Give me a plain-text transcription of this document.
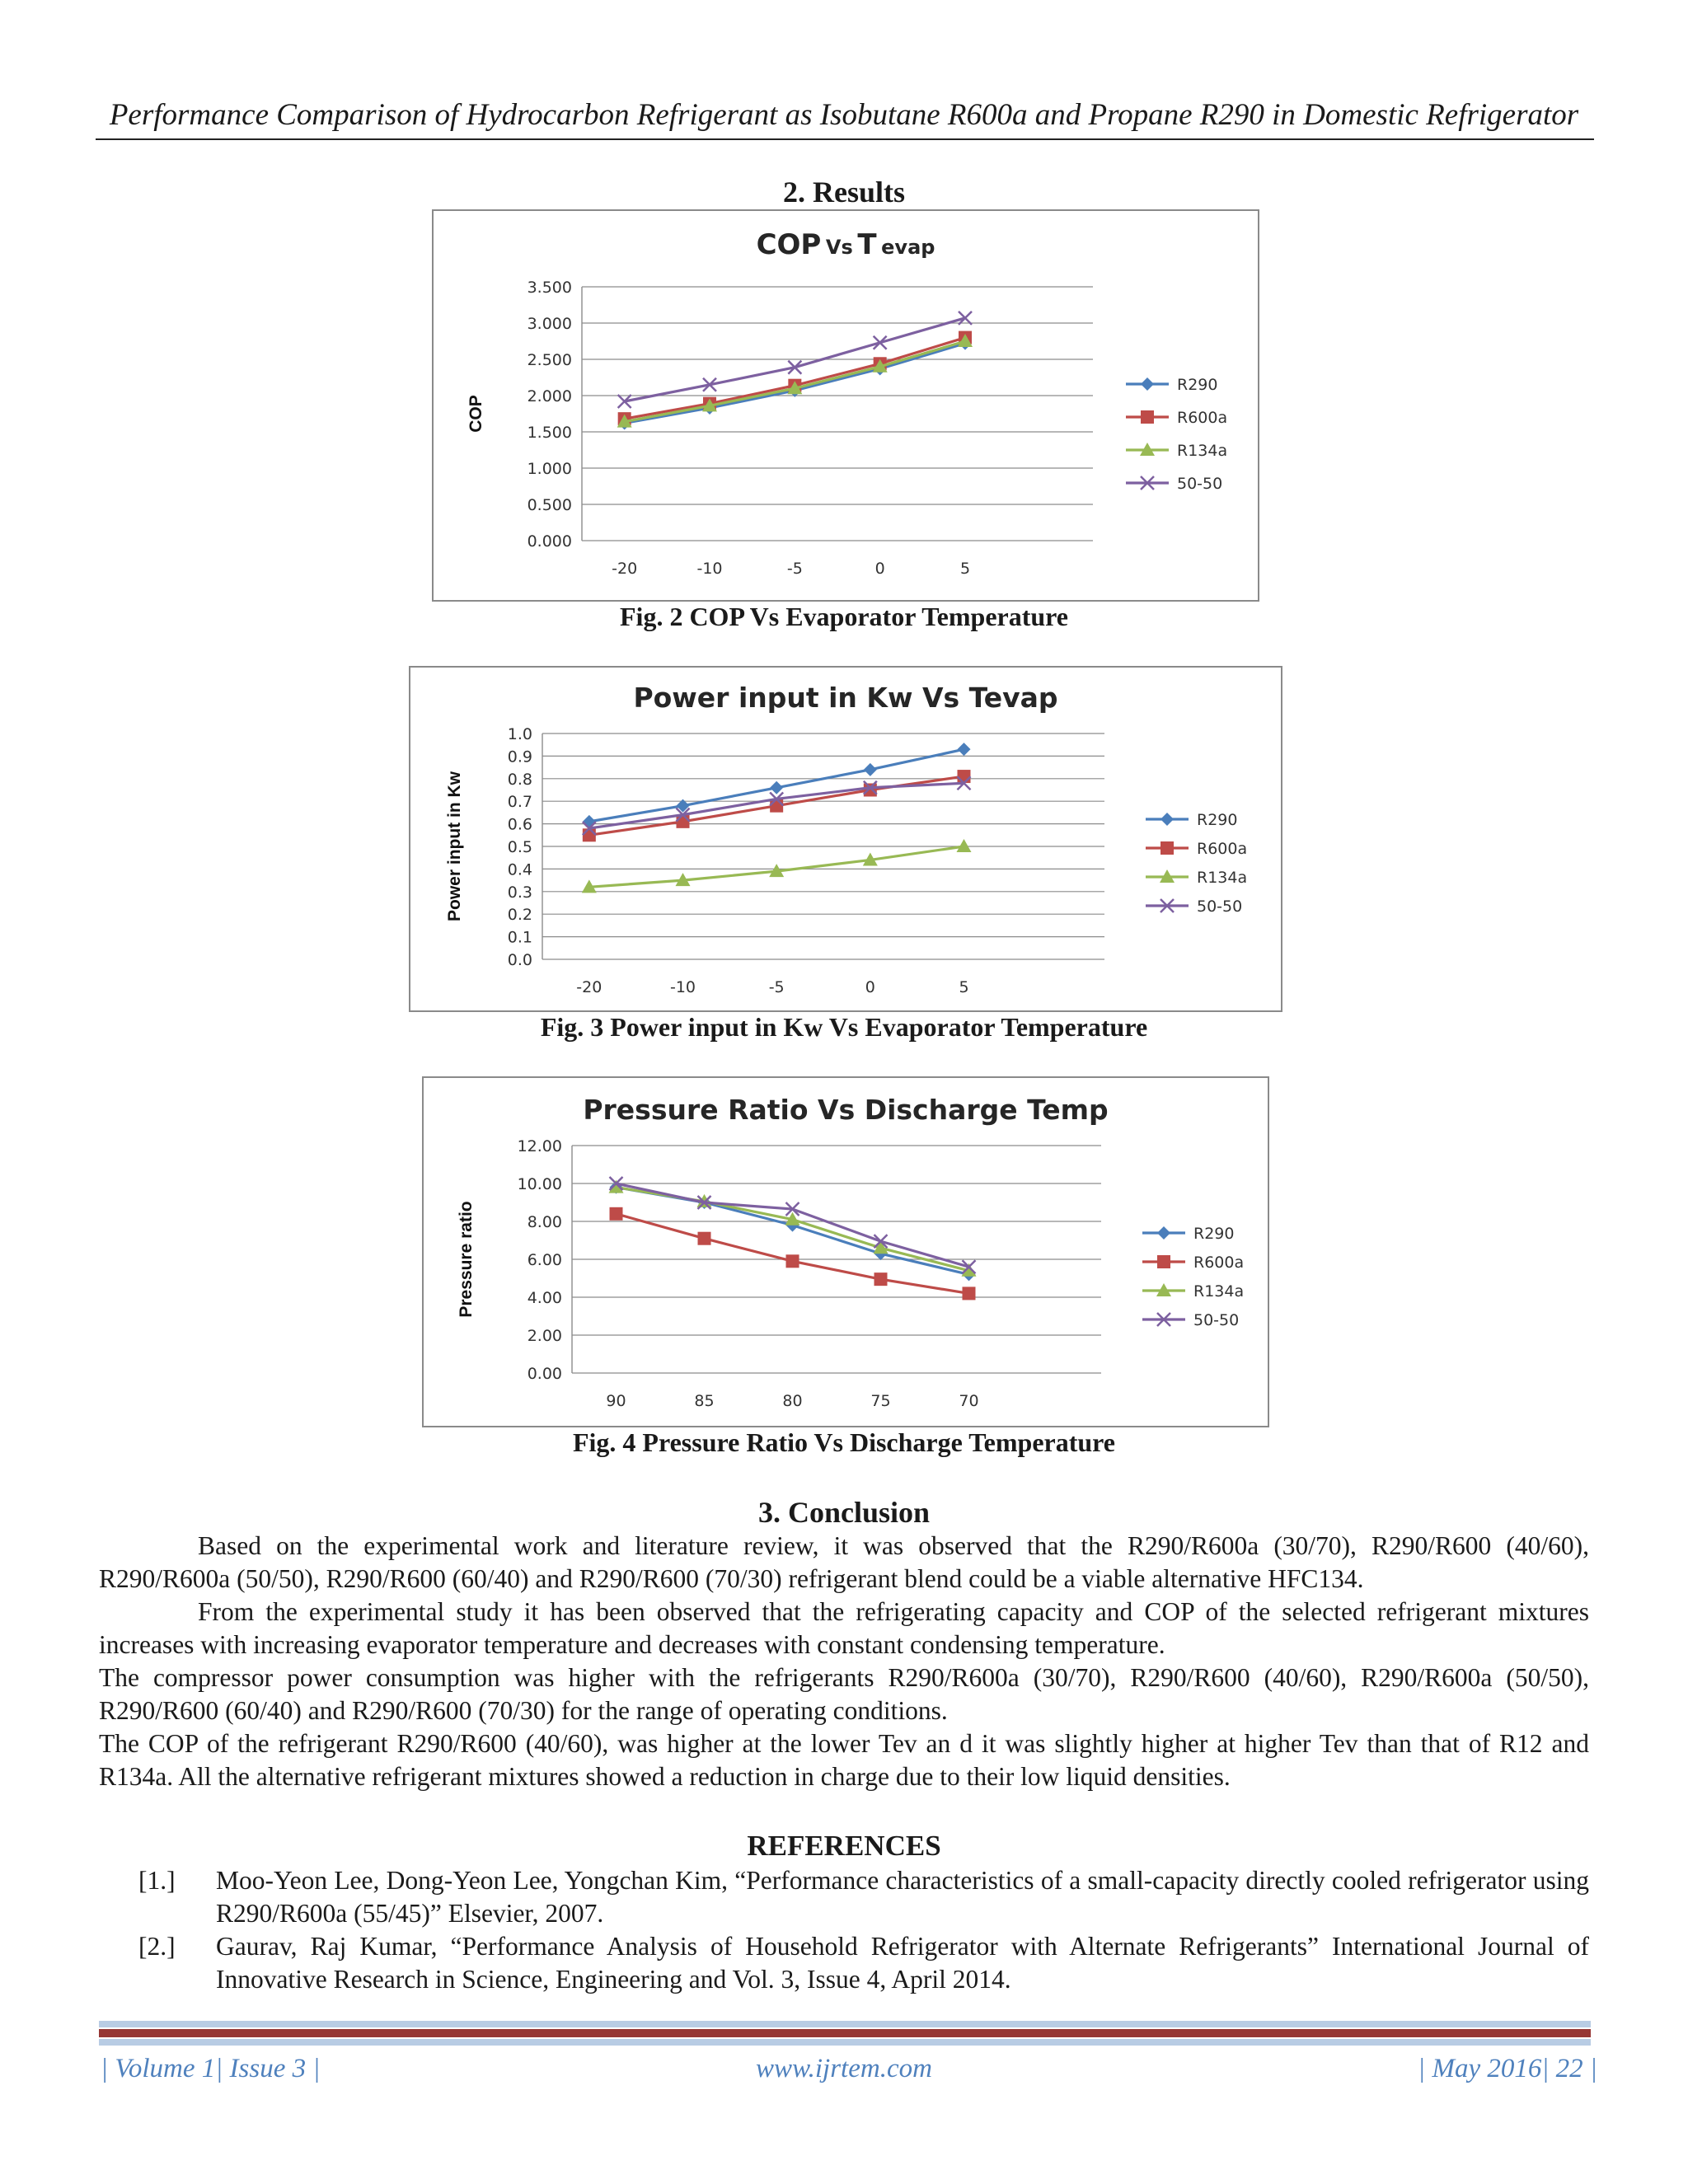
Performance Comparison of Hydrocarbon Refrigerant as Isobutane R600a and Propane R290 in Domestic Refrigerator
2. Results
COP Vs T evap
0.000
0.500
1.000
1.500
2.000
2.500
3.000
3.500
-20	-10	-5	0	5
COP
R290
R600a
R134a
50-50
Fig. 2 COP Vs Evaporator Temperature
Power input in Kw Vs Tevap
0.0
0.1
0.2
0.3
0.4
0.5
0.6
0.7
0.8
0.9
1.0
-20	-10	-5	0	5
Power input in Kw	R290
R600a
R134a
50-50
Fig. 3 Power input in Kw Vs Evaporator Temperature
Pressure Ratio Vs Discharge Temp
0.00
2.00
4.00
6.00
8.00
10.00
12.00
90	85	80	75	70
Pressure ratio	R290
R600a
R134a
50-50
Fig. 4 Pressure Ratio Vs Discharge Temperature
3. Conclusion

Based on the experimental work and literature review, it was observed that the R290/R600a (30/70), R290/R600 (40/60), R290/R600a (50/50), R290/R600 (60/40) and R290/R600 (70/30) refrigerant blend could be a viable alternative HFC134.

From the experimental study it has been observed that the refrigerating capacity and COP of the selected refrigerant mixtures increases with increasing evaporator temperature and decreases with constant condensing temperature.

The compressor power consumption was higher with the refrigerants R290/R600a (30/70), R290/R600 (40/60), R290/R600a (50/50), R290/R600 (60/40) and R290/R600 (70/30) for the range of operating conditions.

The COP of the refrigerant R290/R600 (40/60), was higher at the lower Tev an d it was slightly higher at higher Tev than that of R12 and R134a. All the alternative refrigerant mixtures showed a reduction in charge due to their low liquid densities.

REFERENCES
[1.] Moo-Yeon Lee, Dong-Yeon Lee, Yongchan Kim, “Performance characteristics of a small-capacity directly cooled refrigerator using R290/R600a (55/45)” Elsevier, 2007.
[2.] Gaurav, Raj Kumar, “Performance Analysis of Household Refrigerator with Alternate Refrigerants” International Journal of Innovative Research in Science, Engineering and Vol. 3, Issue 4, April 2014.
| Volume 1| Issue 3 |	www.ijrtem.com	| May 2016| 22 |
